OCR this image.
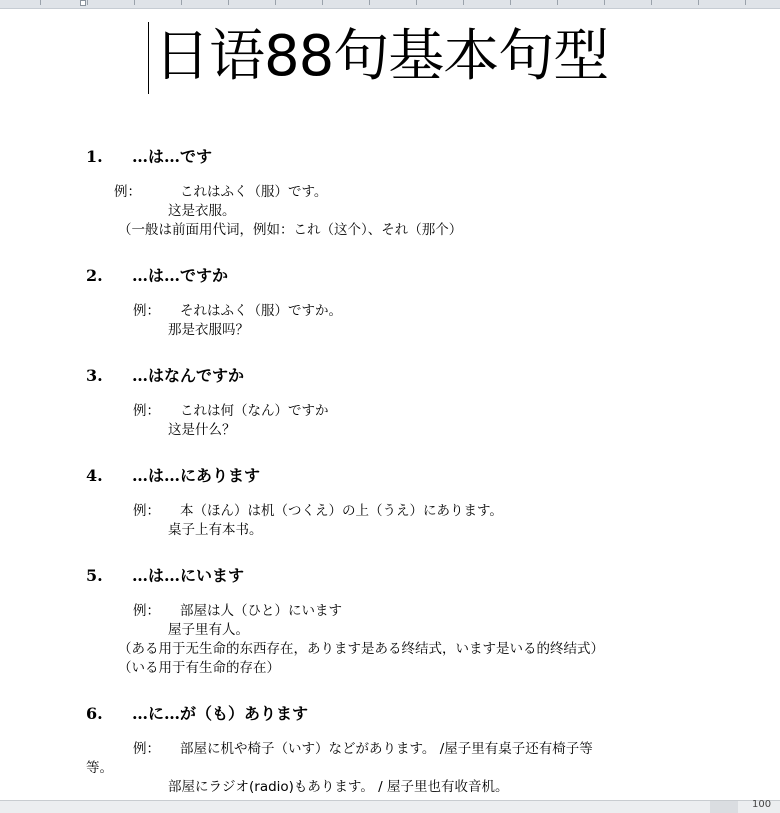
日语88句基本句型
1. …は…です
例：	これはふく（服）です。
这是衣服。
（一般は前面用代词，例如：これ（这个）、それ（那个）
2. …は…ですか
例： それはふく（服）ですか。
那是衣服吗？
3. …はなんですか
例： これは何（なん）ですか
这是什么？
4. …は…にあります
例： 本（ほん）は机（つくえ）の上（うえ）にあります。
桌子上有本书。
5. …は…にいます
例： 部屋は人（ひと）にいます
屋子里有人。
（ある用于无生命的东西存在，あります是ある终结式，います是いる的终结式）
（いる用于有生命的存在）
6. …に…が（も）あります
例： 部屋に机や椅子（いす）などがあります。 /屋子里有桌子还有椅子等
等。
部屋にラジオ(radio)もあります。 / 屋子里也有收音机。
100
